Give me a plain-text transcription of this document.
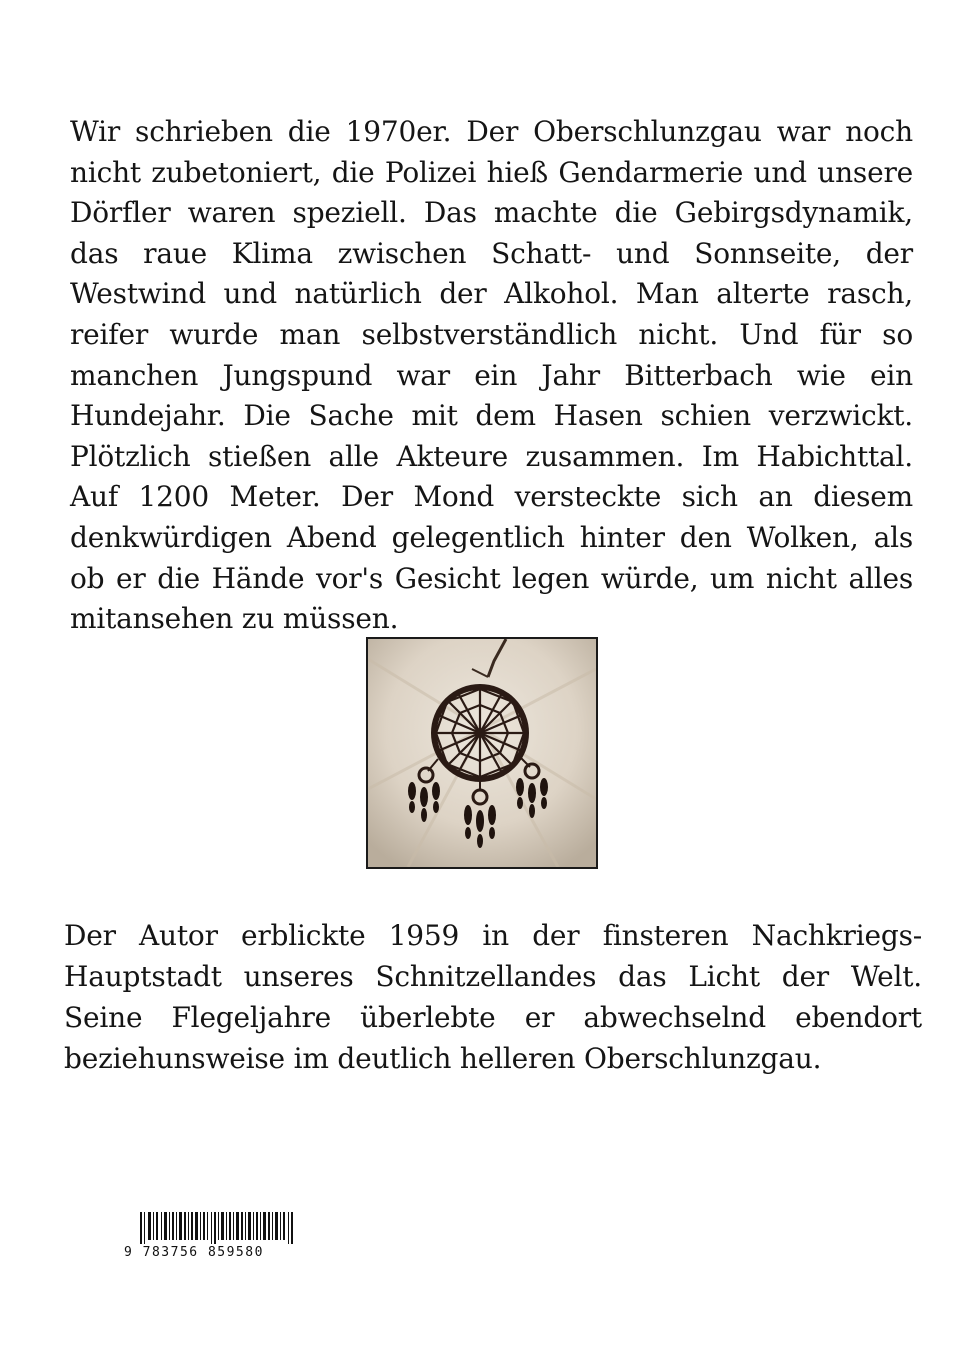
Wir schrieben die 1970er. Der Oberschlunzgau war noch nicht zubetoniert, die Polizei hieß Gendarmerie und unsere Dörfler waren speziell. Das machte die Gebirgsdynamik, das raue Klima zwischen Schatt- und Sonnseite, der Westwind und natürlich der Alkohol. Man alterte rasch, reifer wurde man selbstverständlich nicht. Und für so manchen Jungspund war ein Jahr Bitterbach wie ein Hundejahr. Die Sache mit dem Hasen schien verzwickt. Plötzlich stießen alle Akteure zusammen. Im Habichttal. Auf 1200 Meter. Der Mond versteckte sich an diesem denkwürdigen Abend gelegentlich hinter den Wolken, als ob er die Hände vor's Gesicht legen würde, um nicht alles mitansehen zu müssen.

Der Autor erblickte 1959 in der finsteren Nachkriegs-Hauptstadt unseres Schnitzellandes das Licht der Welt. Seine Flegeljahre überlebte er abwechselnd ebendort beziehunsweise im deutlich helleren Oberschlunzgau.

9 783756 859580
